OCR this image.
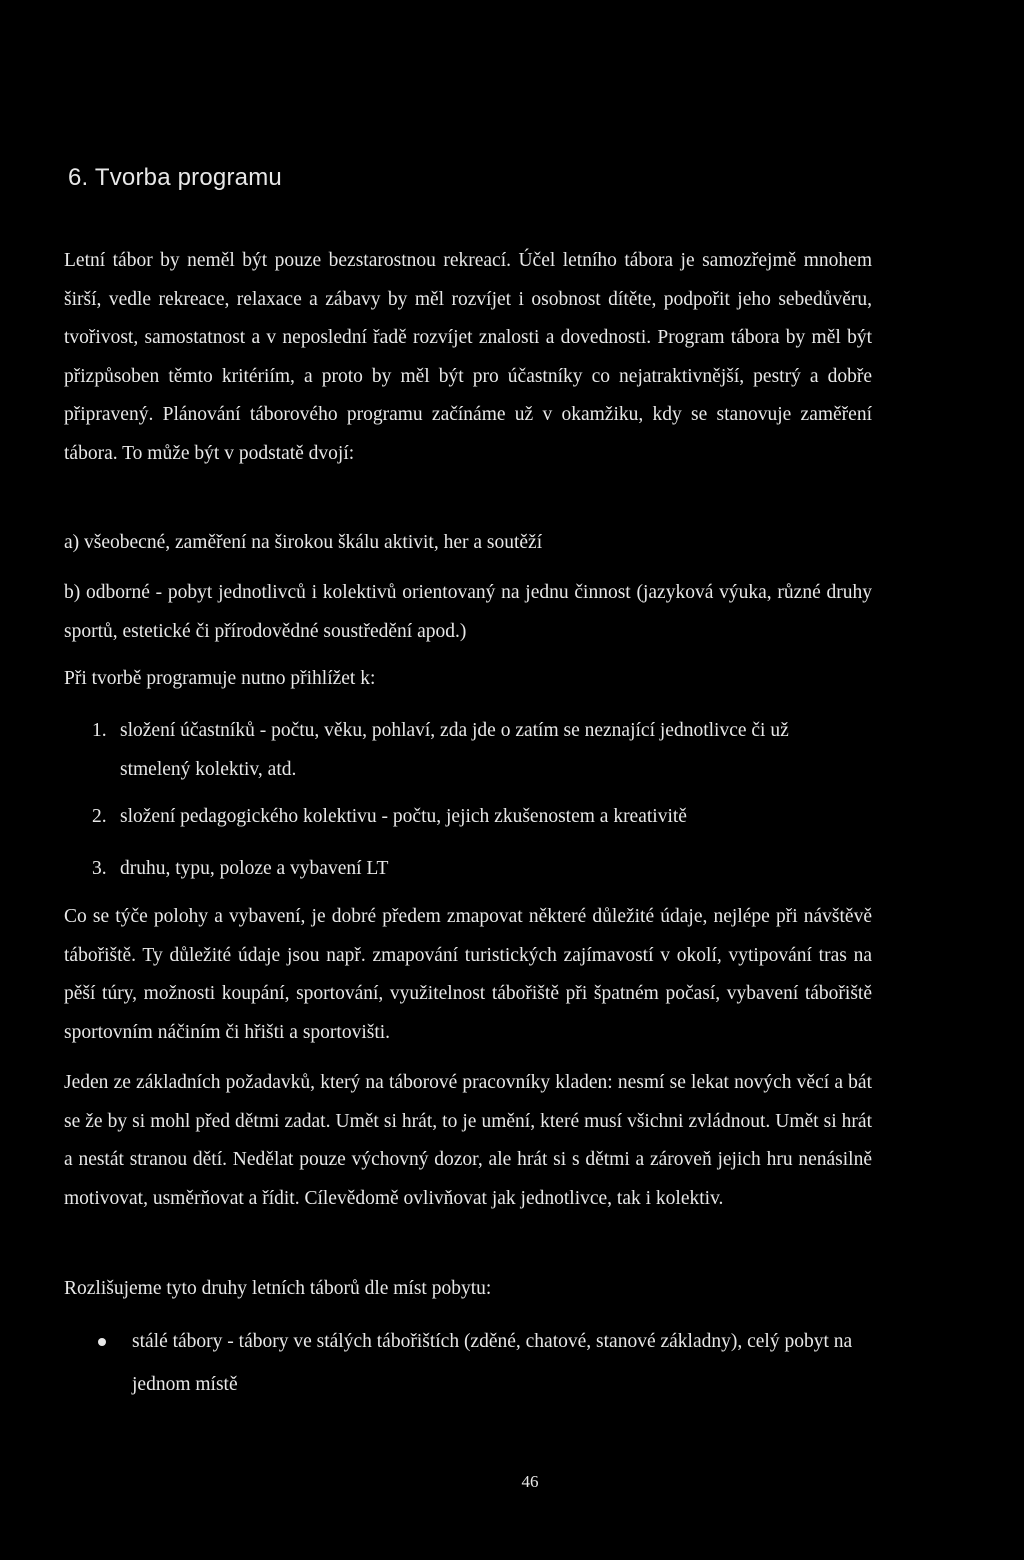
6. Tvorba programu

Letní tábor by neměl být pouze bezstarostnou rekreací. Účel letního tábora je samozřejmě mnohem širší, vedle rekreace, relaxace a zábavy by měl rozvíjet i osobnost dítěte, podpořit jeho sebedůvěru, tvořivost, samostatnost a v neposlední řadě rozvíjet znalosti a dovednosti. Program tábora by měl být přizpůsoben těmto kritériím, a proto by měl být pro účastníky co nejatraktivnější, pestrý a dobře připravený. Plánování táborového programu začínáme už v okamžiku, kdy se stanovuje zaměření tábora. To může být v podstatě dvojí:

a) všeobecné, zaměření na širokou škálu aktivit, her a soutěží

b) odborné - pobyt jednotlivců i kolektivů orientovaný na jednu činnost (jazyková výuka, různé druhy sportů, estetické či přírodovědné soustředění apod.)

Při tvorbě programuje nutno přihlížet k:

1. složení účastníků - počtu, věku, pohlaví, zda jde o zatím se neznající jednotlivce či už stmelený kolektiv, atd.
2. složení pedagogického kolektivu - počtu, jejich zkušenostem a kreativitě
3. druhu, typu, poloze a vybavení LT

Co se týče polohy a vybavení, je dobré předem zmapovat některé důležité údaje, nejlépe při návštěvě tábořiště. Ty důležité údaje jsou např. zmapování turistických zajímavostí v okolí, vytipování tras na pěší túry, možnosti koupání, sportování, využitelnost tábořiště při špatném počasí, vybavení tábořiště sportovním náčiním či hřišti a sportovišti.

Jeden ze základních požadavků, který na táborové pracovníky kladen: nesmí se lekat nových věcí a bát se že by si mohl před dětmi zadat. Umět si hrát, to je umění, které musí všichni zvládnout. Umět si hrát a nestát stranou dětí. Nedělat pouze výchovný dozor, ale hrát si s dětmi a zároveň jejich hru nenásilně motivovat, usměrňovat a řídit. Cílevědomě ovlivňovat jak jednotlivce, tak i kolektiv.

Rozlišujeme tyto druhy letních táborů dle míst pobytu:

stálé tábory - tábory ve stálých tábořištích (zděné, chatové, stanové základny), celý pobyt na jednom místě

46
